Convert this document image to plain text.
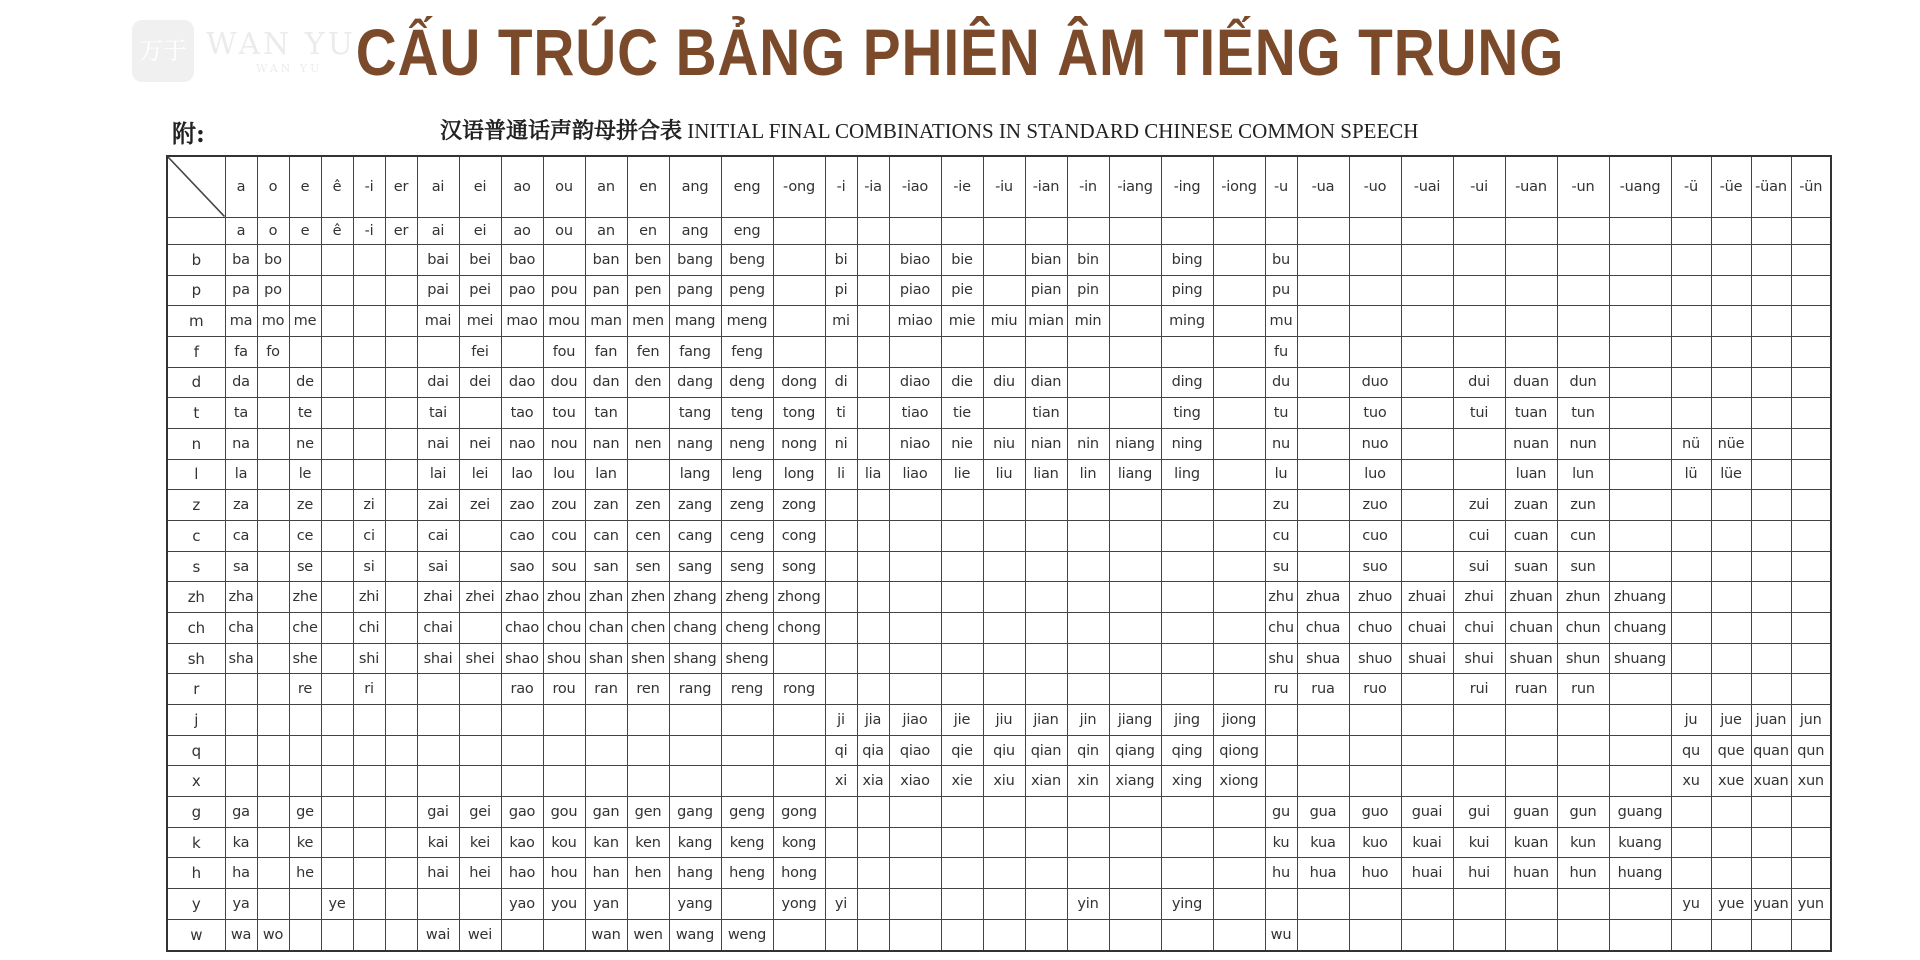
万于 WAN YU
WAN YU CẤU TRÚC BẢNG PHIÊN ÂM TIẾNG TRUNG
附:	汉语普通话声韵母拼合表 INITIAL FINAL COMBINATIONS IN STANDARD CHINESE COMMON SPEECH
	a	o	e	ê	-i	er	ai	ei	ao	ou	an	en	ang	eng	-ong	-i	-ia	-iao	-ie	-iu	-ian	-in	-iang	-ing	-iong	-u	-ua	-uo	-uai	-ui	-uan	-un	-uang	-ü	-üe	-üan	-ün
	a	o	e	ê	-i	er	ai	ei	ao	ou	an	en	ang	eng																							
b	ba	bo					bai	bei	bao		ban	ben	bang	beng		bi		biao	bie		bian	bin		bing		bu											
p	pa	po					pai	pei	pao	pou	pan	pen	pang	peng		pi		piao	pie		pian	pin		ping		pu											
m	ma	mo	me				mai	mei	mao	mou	man	men	mang	meng		mi		miao	mie	miu	mian	min		ming		mu											
f	fa	fo						fei		fou	fan	fen	fang	feng												fu											
d	da		de				dai	dei	dao	dou	dan	den	dang	deng	dong	di		diao	die	diu	dian			ding		du		duo		dui	duan	dun					
t	ta		te				tai		tao	tou	tan		tang	teng	tong	ti		tiao	tie		tian			ting		tu		tuo		tui	tuan	tun					
n	na		ne				nai	nei	nao	nou	nan	nen	nang	neng	nong	ni		niao	nie	niu	nian	nin	niang	ning		nu		nuo			nuan	nun		nü	nüe		
l	la		le				lai	lei	lao	lou	lan		lang	leng	long	li	lia	liao	lie	liu	lian	lin	liang	ling		lu		luo			luan	lun		lü	lüe		
z	za		ze		zi		zai	zei	zao	zou	zan	zen	zang	zeng	zong											zu		zuo		zui	zuan	zun					
c	ca		ce		ci		cai		cao	cou	can	cen	cang	ceng	cong											cu		cuo		cui	cuan	cun					
s	sa		se		si		sai		sao	sou	san	sen	sang	seng	song											su		suo		sui	suan	sun					
zh	zha		zhe		zhi		zhai	zhei	zhao	zhou	zhan	zhen	zhang	zheng	zhong											zhu	zhua	zhuo	zhuai	zhui	zhuan	zhun	zhuang				
ch	cha		che		chi		chai		chao	chou	chan	chen	chang	cheng	chong											chu	chua	chuo	chuai	chui	chuan	chun	chuang				
sh	sha		she		shi		shai	shei	shao	shou	shan	shen	shang	sheng												shu	shua	shuo	shuai	shui	shuan	shun	shuang				
r			re		ri				rao	rou	ran	ren	rang	reng	rong											ru	rua	ruo		rui	ruan	run					
j																ji	jia	jiao	jie	jiu	jian	jin	jiang	jing	jiong									ju	jue	juan	jun
q																qi	qia	qiao	qie	qiu	qian	qin	qiang	qing	qiong									qu	que	quan	qun
x																xi	xia	xiao	xie	xiu	xian	xin	xiang	xing	xiong									xu	xue	xuan	xun
g	ga		ge				gai	gei	gao	gou	gan	gen	gang	geng	gong											gu	gua	guo	guai	gui	guan	gun	guang				
k	ka		ke				kai	kei	kao	kou	kan	ken	kang	keng	kong											ku	kua	kuo	kuai	kui	kuan	kun	kuang				
h	ha		he				hai	hei	hao	hou	han	hen	hang	heng	hong											hu	hua	huo	huai	hui	huan	hun	huang				
y	ya			ye					yao	you	yan		yang		yong	yi						yin		ying										yu	yue	yuan	yun
w	wa	wo					wai	wei			wan	wen	wang	weng												wu											
